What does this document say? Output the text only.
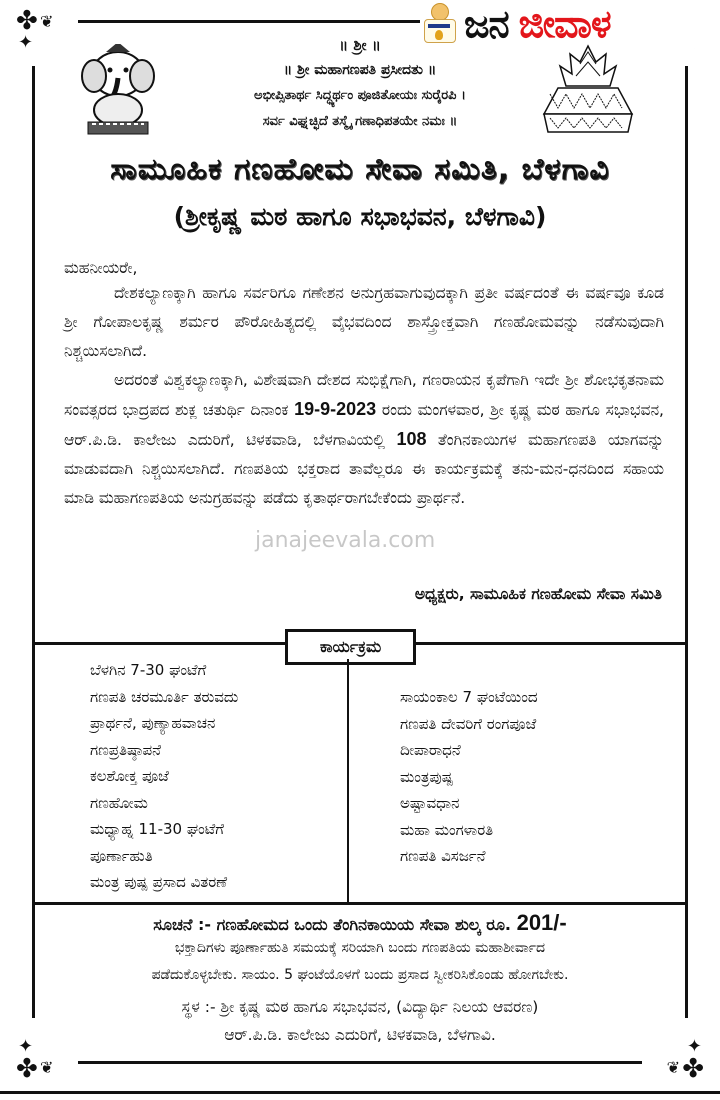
✤ ❦
✦
✤ ❦
✦
✤
❦
✦
ಜನ ಜೀವಾಳ
॥ ಶ್ರೀ ॥
॥ ಶ್ರೀ ಮಹಾಗಣಪತಿ ಪ್ರಸೀದತು ॥
ಅಭೀಪ್ಸಿತಾರ್ಥ ಸಿದ್ಧ್ಯರ್ಥಂ ಪೂಜಿತೋಯಃ ಸುರೈರಪಿ ।
ಸರ್ವ ವಿಘ್ನಚ್ಛಿದೆ ತಸ್ಮೈ ಗಣಾಧಿಪತಯೇ ನಮಃ ॥
ಸಾಮೂಹಿಕ ಗಣಹೋಮ ಸೇವಾ ಸಮಿತಿ, ಬೆಳಗಾವಿ
(ಶ್ರೀಕೃಷ್ಣ ಮಠ ಹಾಗೂ ಸಭಾಭವನ, ಬೆಳಗಾವಿ)
ಮಹನೀಯರೇ,
ದೇಶಕಲ್ಯಾಣಕ್ಕಾಗಿ ಹಾಗೂ ಸರ್ವರಿಗೂ ಗಣೇಶನ ಅನುಗ್ರಹವಾಗುವುದಕ್ಕಾಗಿ ಪ್ರತೀ ವರ್ಷದಂತೆ ಈ ವರ್ಷವೂ ಕೂಡ ಶ್ರೀ ಗೋಪಾಲಕೃಷ್ಣ ಶರ್ಮರ ಪೌರೋಹಿತ್ಯದಲ್ಲಿ ವೈಭವದಿಂದ ಶಾಸ್ತ್ರೋಕ್ತವಾಗಿ ಗಣಹೋಮವನ್ನು ನಡೆಸುವುದಾಗಿ ನಿಶ್ಚಯಿಸಲಾಗಿದೆ.
ಅದರಂತೆ ವಿಶ್ವಕಲ್ಯಾಣಕ್ಕಾಗಿ, ವಿಶೇಷವಾಗಿ ದೇಶದ ಸುಭಿಕ್ಷೆಗಾಗಿ, ಗಣರಾಯನ ಕೃಪೆಗಾಗಿ ಇದೇ ಶ್ರೀ ಶೋಭಕೃತನಾಮ ಸಂವತ್ಸರದ ಭಾದ್ರಪದ ಶುಕ್ಲ ಚತುರ್ಥಿ ದಿನಾಂಕ 19-9-2023 ರಂದು ಮಂಗಳವಾರ, ಶ್ರೀ ಕೃಷ್ಣ ಮಠ ಹಾಗೂ ಸಭಾಭವನ, ಆರ್.ಪಿ.ಡಿ. ಕಾಲೇಜು ಎದುರಿಗೆ, ಟಿಳಕವಾಡಿ, ಬೆಳಗಾವಿಯಲ್ಲಿ 108 ತೆಂಗಿನಕಾಯಿಗಳ ಮಹಾಗಣಪತಿ ಯಾಗವನ್ನು ಮಾಡುವದಾಗಿ ನಿಶ್ಚಯಿಸಲಾಗಿದೆ. ಗಣಪತಿಯ ಭಕ್ತರಾದ ತಾವೆಲ್ಲರೂ ಈ ಕಾರ್ಯಕ್ರಮಕ್ಕೆ ತನು-ಮನ-ಧನದಿಂದ ಸಹಾಯ ಮಾಡಿ ಮಹಾಗಣಪತಿಯ ಅನುಗ್ರಹವನ್ನು ಪಡೆದು ಕೃತಾರ್ಥರಾಗಬೇಕೆಂದು ಪ್ರಾರ್ಥನೆ.
janajeevala.com
ಅಧ್ಯಕ್ಷರು, ಸಾಮೂಹಿಕ ಗಣಹೋಮ ಸೇವಾ ಸಮಿತಿ
ಕಾರ್ಯಕ್ರಮ
ಬೆಳಗಿನ 7-30 ಘಂಟೆಗೆ
ಗಣಪತಿ ಚರಮೂರ್ತಿ ತರುವದು
ಪ್ರಾರ್ಥನೆ, ಪುಣ್ಯಾಹವಾಚನ
ಗಣಪ್ರತಿಷ್ಠಾಪನೆ
ಕಲಶೋಕ್ತ ಪೂಜೆ
ಗಣಹೋಮ
ಮಧ್ಯಾಹ್ನ 11-30 ಘಂಟೆಗೆ
ಪೂರ್ಣಾಹುತಿ
ಮಂತ್ರ ಪುಷ್ಪ ಪ್ರಸಾದ ವಿತರಣೆ
ಸಾಯಂಕಾಲ 7 ಘಂಟೆಯಿಂದ
ಗಣಪತಿ ದೇವರಿಗೆ ರಂಗಪೂಜೆ
ದೀಪಾರಾಧನೆ
ಮಂತ್ರಪುಷ್ಪ
ಅಷ್ಟಾವಧಾನ
ಮಹಾ ಮಂಗಳಾರತಿ
ಗಣಪತಿ ವಿಸರ್ಜನೆ
ಸೂಚನೆ :- ಗಣಹೋಮದ ಒಂದು ತೆಂಗಿನಕಾಯಿಯ ಸೇವಾ ಶುಲ್ಕ ರೂ. 201/-
ಭಕ್ತಾದಿಗಳು ಪೂರ್ಣಾಹುತಿ ಸಮಯಕ್ಕೆ ಸರಿಯಾಗಿ ಬಂದು ಗಣಪತಿಯ ಮಹಾಶೀರ್ವಾದ
ಪಡೆದುಕೊಳ್ಳಬೇಕು. ಸಾಯಂ. 5 ಘಂಟೆಯೊಳಗೆ ಬಂದು ಪ್ರಸಾದ ಸ್ವೀಕರಿಸಿಕೊಂಡು ಹೋಗಬೇಕು.
ಸ್ಥಳ :- ಶ್ರೀ ಕೃಷ್ಣ ಮಠ ಹಾಗೂ ಸಭಾಭವನ, (ವಿದ್ಯಾರ್ಥಿ ನಿಲಯ ಆವರಣ)
ಆರ್.ಪಿ.ಡಿ. ಕಾಲೇಜು ಎದುರಿಗೆ, ಟಿಳಕವಾಡಿ, ಬೆಳಗಾವಿ.
